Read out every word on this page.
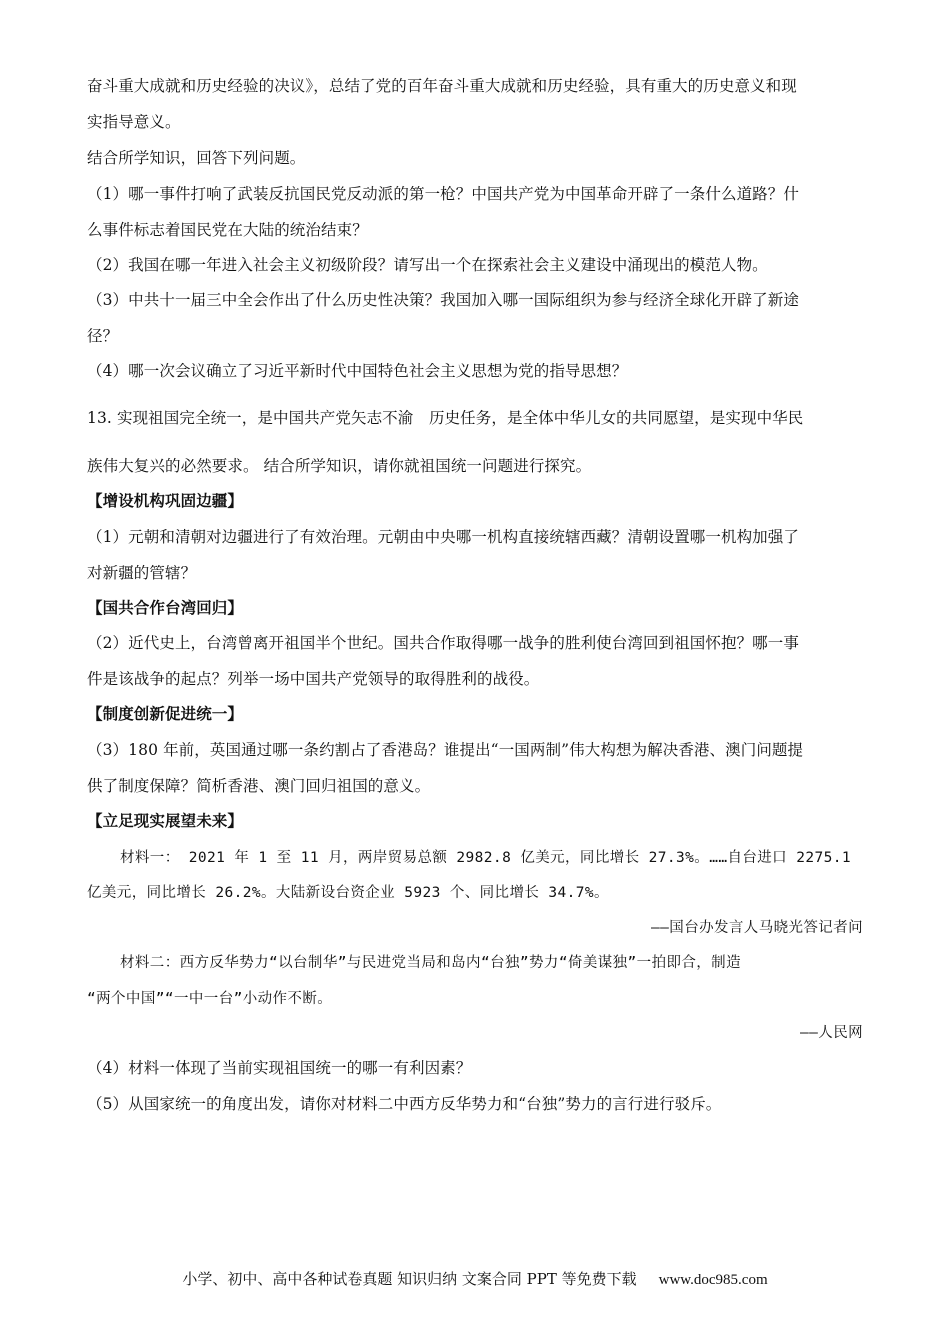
奋斗重大成就和历史经验的决议》，总结了党的百年奋斗重大成就和历史经验，具有重大的历史意义和现
实指导意义。
结合所学知识，回答下列问题。
（1）哪一事件打响了武装反抗国民党反动派的第一枪？中国共产党为中国革命开辟了一条什么道路？什
么事件标志着国民党在大陆的统治结束？
（2）我国在哪一年进入社会主义初级阶段？请写出一个在探索社会主义建设中涌现出的模范人物。
（3）中共十一届三中全会作出了什么历史性决策？我国加入哪一国际组织为参与经济全球化开辟了新途
径？
（4）哪一次会议确立了习近平新时代中国特色社会主义思想为党的指导思想？
13. 实现祖国完全统一，是中国共产党矢志不渝　历史任务，是全体中华儿女的共同愿望，是实现中华民
族伟大复兴的必然要求。 结合所学知识，请你就祖国统一问题进行探究。
【增设机构巩固边疆】
（1）元朝和清朝对边疆进行了有效治理。元朝由中央哪一机构直接统辖西藏？清朝设置哪一机构加强了
对新疆的管辖？
【国共合作台湾回归】
（2）近代史上，台湾曾离开祖国半个世纪。国共合作取得哪一战争的胜利使台湾回到祖国怀抱？哪一事
件是该战争的起点？列举一场中国共产党领导的取得胜利的战役。
【制度创新促进统一】
（3）180 年前，英国通过哪一条约割占了香港岛？谁提出“一国两制”伟大构想为解决香港、澳门问题提
供了制度保障？简析香港、澳门回归祖国的意义。
【立足现实展望未来】
材料一： 2021 年 1 至 11 月，两岸贸易总额 2982.8 亿美元，同比增长 27.3%。……自台进口 2275.1
亿美元，同比增长 26.2%。大陆新设台资企业 5923 个、同比增长 34.7%。
——国台办发言人马晓光答记者问
材料二：西方反华势力“以台制华”与民进党当局和岛内“台独”势力“倚美谋独”一拍即合，制造
“两个中国”“一中一台”小动作不断。
——人民网
（4）材料一体现了当前实现祖国统一的哪一有利因素？
（5）从国家统一的角度出发，请你对材料二中西方反华势力和“台独”势力的言行进行驳斥。
小学、初中、高中各种试卷真题 知识归纳 文案合同 PPT 等免费下载 www.doc985.com
